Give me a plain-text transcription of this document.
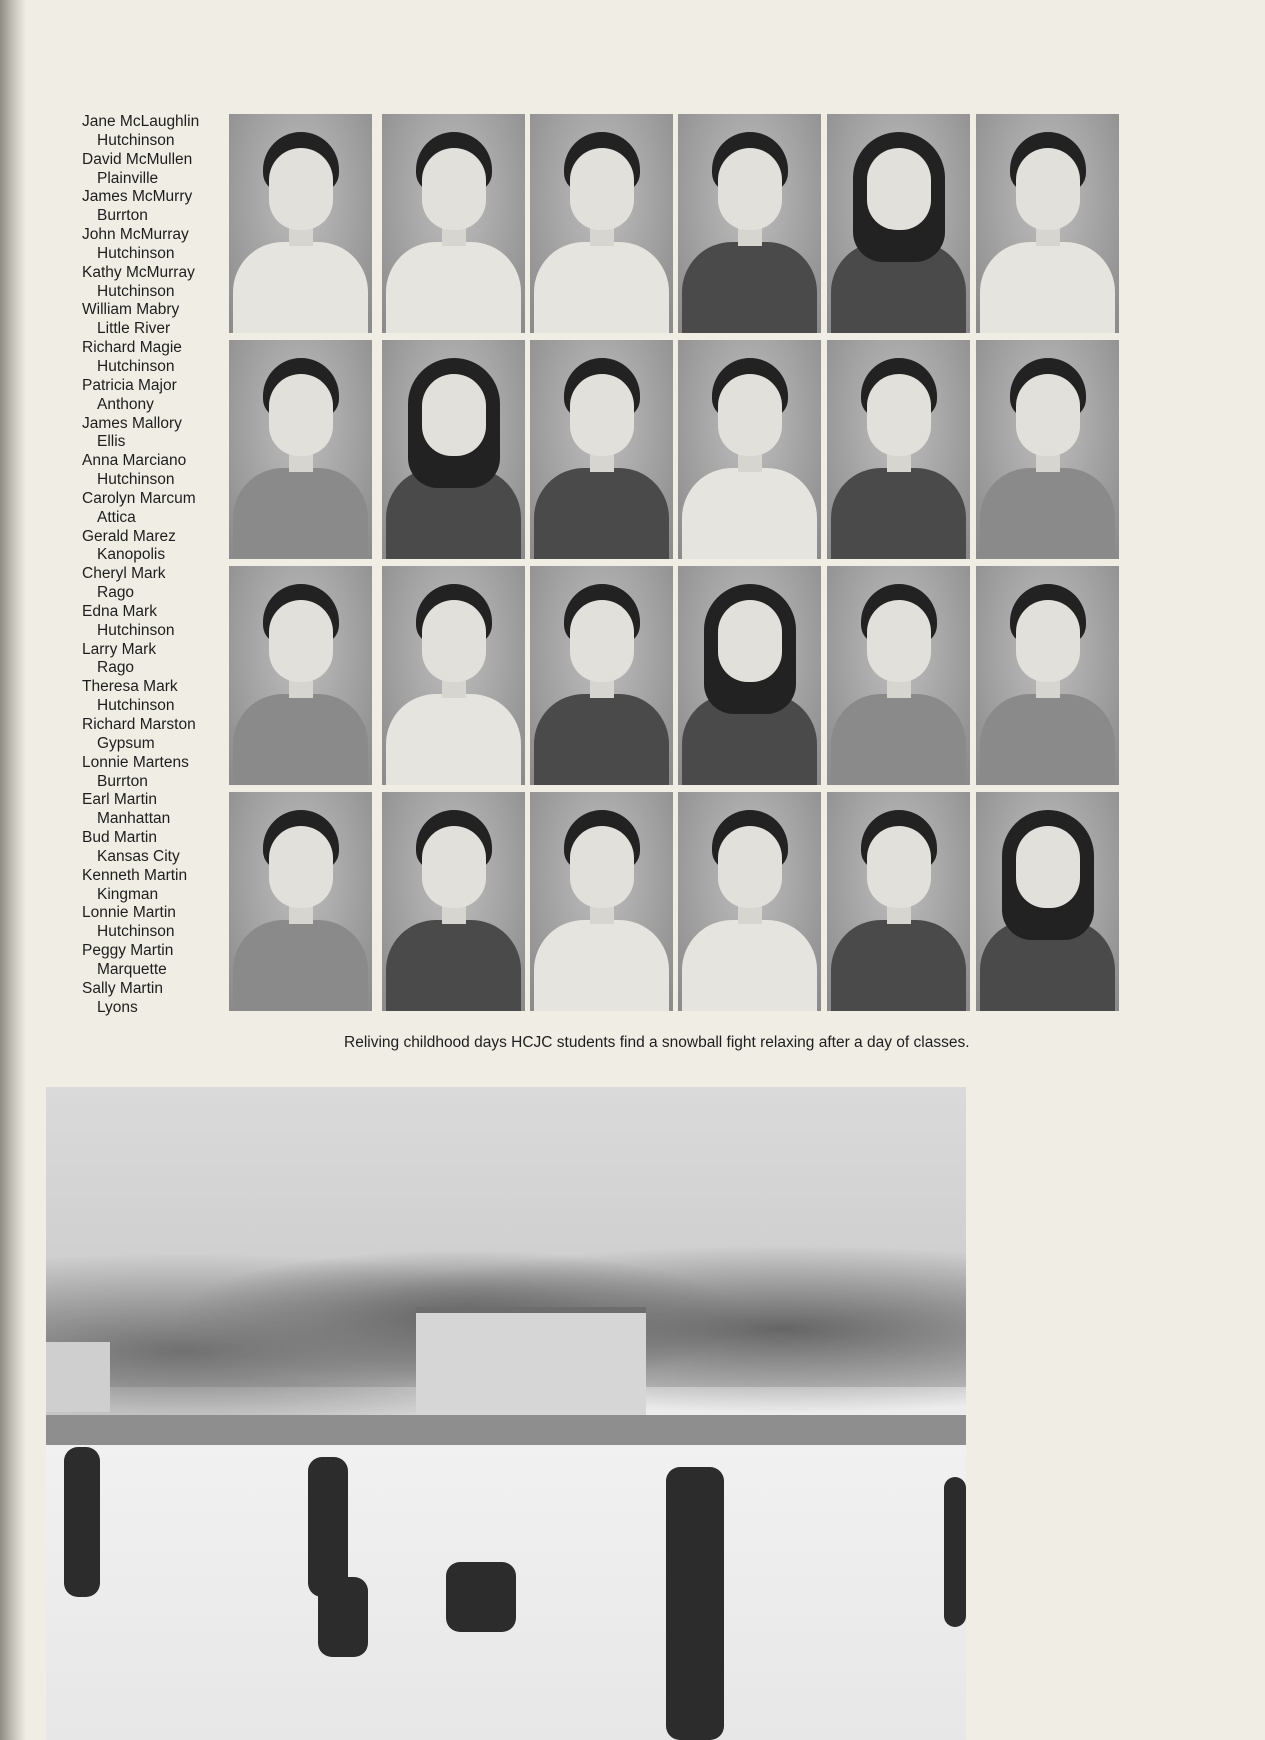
Jane McLaughlin
Hutchinson
David McMullen
Plainville
James McMurry
Burrton
John McMurray
Hutchinson
Kathy McMurray
Hutchinson
William Mabry
Little River
Richard Magie
Hutchinson
Patricia Major
Anthony
James Mallory
Ellis
Anna Marciano
Hutchinson
Carolyn Marcum
Attica
Gerald Marez
Kanopolis
Cheryl Mark
Rago
Edna Mark
Hutchinson
Larry Mark
Rago
Theresa Mark
Hutchinson
Richard Marston
Gypsum
Lonnie Martens
Burrton
Earl Martin
Manhattan
Bud Martin
Kansas City
Kenneth Martin
Kingman
Lonnie Martin
Hutchinson
Peggy Martin
Marquette
Sally Martin
Lyons
Reliving childhood days HCJC students find a snowball fight relaxing after a day of classes.
